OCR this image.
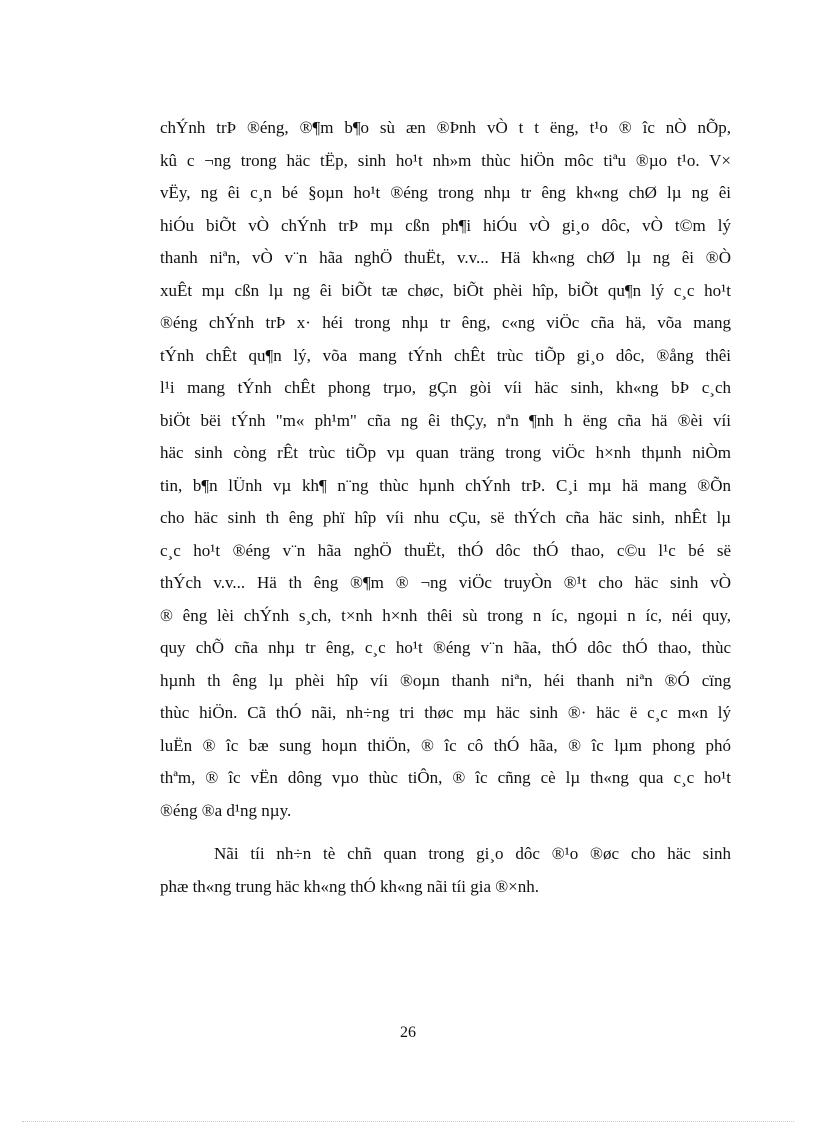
chÝnh trÞ ®éng, ®¶m b¶o sù æn ®Þnh vÒ t t ëng, t¹o ® îc nÒ nÕp,
kû c ¬ng trong häc tËp, sinh ho¹t nh»m thùc hiÖn môc tiªu ®µo t¹o. V×
vËy, ng êi c¸n bé §oµn ho¹t ®éng trong nhµ tr êng kh«ng chØ lµ ng êi
hiÓu biÕt vÒ chÝnh trÞ mµ cßn ph¶i hiÓu vÒ gi¸o dôc, vÒ t©m lý
thanh niªn, vÒ v¨n hãa nghÖ thuËt, v.v... Hä kh«ng chØ lµ ng êi ®Ò
xuÊt mµ cßn lµ ng êi biÕt tæ chøc, biÕt phèi hîp, biÕt qu¶n lý c¸c ho¹t
®éng chÝnh trÞ x· héi trong nhµ tr êng, c«ng viÖc cña hä, võa mang
tÝnh chÊt qu¶n lý, võa mang tÝnh chÊt trùc tiÕp gi¸o dôc, ®ång thêi
l¹i mang tÝnh chÊt phong trµo, gÇn gòi víi häc sinh, kh«ng bÞ c¸ch
biÖt bëi tÝnh "m« ph¹m" cña ng êi thÇy, nªn ¶nh h ëng cña hä ®èi víi
häc sinh còng rÊt trùc tiÕp vµ quan träng trong viÖc h×nh thµnh niÒm
tin, b¶n lÜnh vµ kh¶ n¨ng thùc hµnh chÝnh trÞ. C¸i mµ hä mang ®Õn
cho häc sinh th êng phï hîp víi nhu cÇu, së thÝch cña häc sinh, nhÊt lµ
c¸c ho¹t ®éng v¨n hãa nghÖ thuËt, thÓ dôc thÓ thao, c©u l¹c bé së
thÝch v.v... Hä th êng ®¶m ® ¬ng viÖc truyÒn ®¹t cho häc sinh vÒ
® êng lèi chÝnh s¸ch, t×nh h×nh thêi sù trong n íc, ngoµi n íc, néi quy,
quy chÕ cña nhµ tr êng, c¸c ho¹t ®éng v¨n hãa, thÓ dôc thÓ thao, thùc
hµnh th êng lµ phèi hîp víi ®oµn thanh niªn, héi thanh niªn ®Ó cïng
thùc hiÖn. Cã thÓ nãi, nh÷ng tri thøc mµ häc sinh ®· häc ë c¸c m«n lý
luËn ® îc bæ sung hoµn thiÖn, ® îc cô thÓ hãa, ® îc lµm phong phó
thªm, ® îc vËn dông vµo thùc tiÔn, ® îc cñng cè lµ th«ng qua c¸c ho¹t
®éng ®a d¹ng nµy.

Nãi tíi nh÷n tè chñ quan trong gi¸o dôc ®¹o ®øc cho häc sinh
phæ th«ng trung häc kh«ng thÓ kh«ng nãi tíi gia ®×nh.

26
